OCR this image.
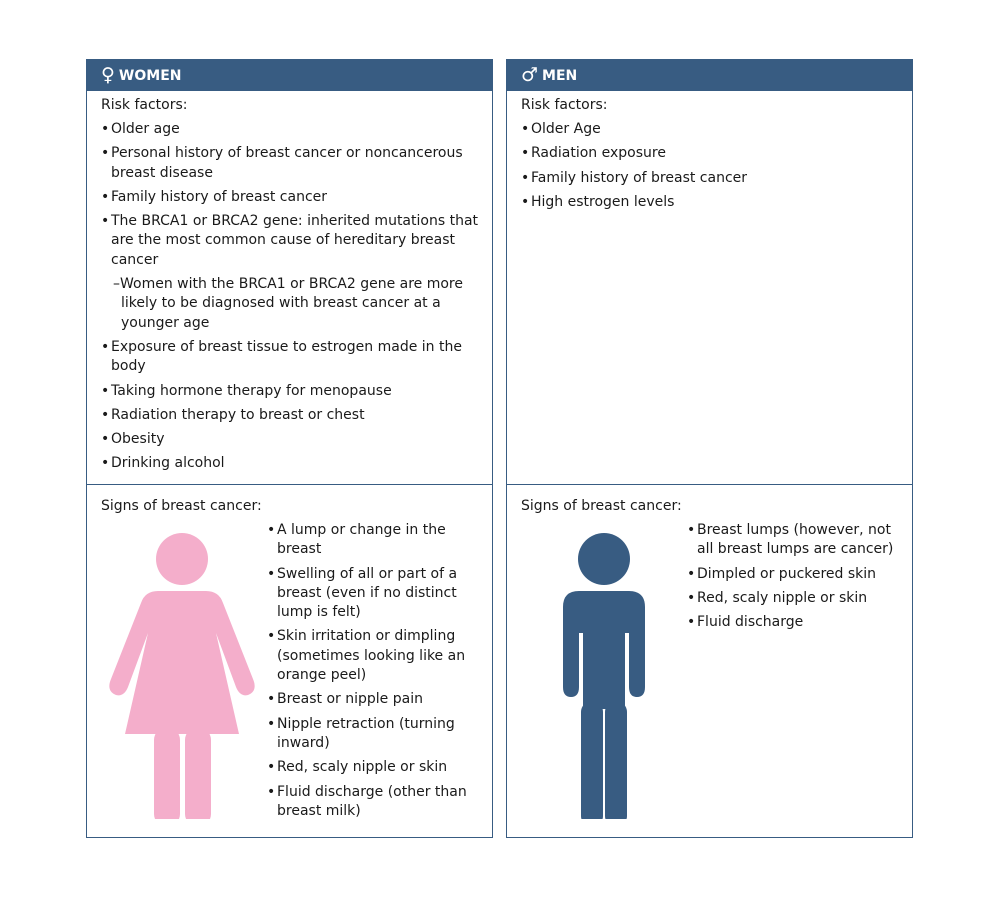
♀ WOMEN
Risk factors:
• Older age
• Personal history of breast cancer or noncancerous breast disease
• Family history of breast cancer
• The BRCA1 or BRCA2 gene: inherited mutations that are the most common cause of hereditary breast cancer
–Women with the BRCA1 or BRCA2 gene are more likely to be diagnosed with breast cancer at a younger age
• Exposure of breast tissue to estrogen made in the body
• Taking hormone therapy for menopause
• Radiation therapy to breast or chest
• Obesity
• Drinking alcohol
Signs of breast cancer:
• A lump or change in the breast
• Swelling of all or part of a breast (even if no distinct lump is felt)
• Skin irritation or dimpling (sometimes looking like an orange peel)
• Breast or nipple pain
• Nipple retraction (turning inward)
• Red, scaly nipple or skin
• Fluid discharge (other than breast milk)
♂ MEN
Risk factors:
• Older Age
• Radiation exposure
• Family history of breast cancer
• High estrogen levels
Signs of breast cancer:
• Breast lumps (however, not all breast lumps are cancer)
• Dimpled or puckered skin
• Red, scaly nipple or skin
• Fluid discharge
